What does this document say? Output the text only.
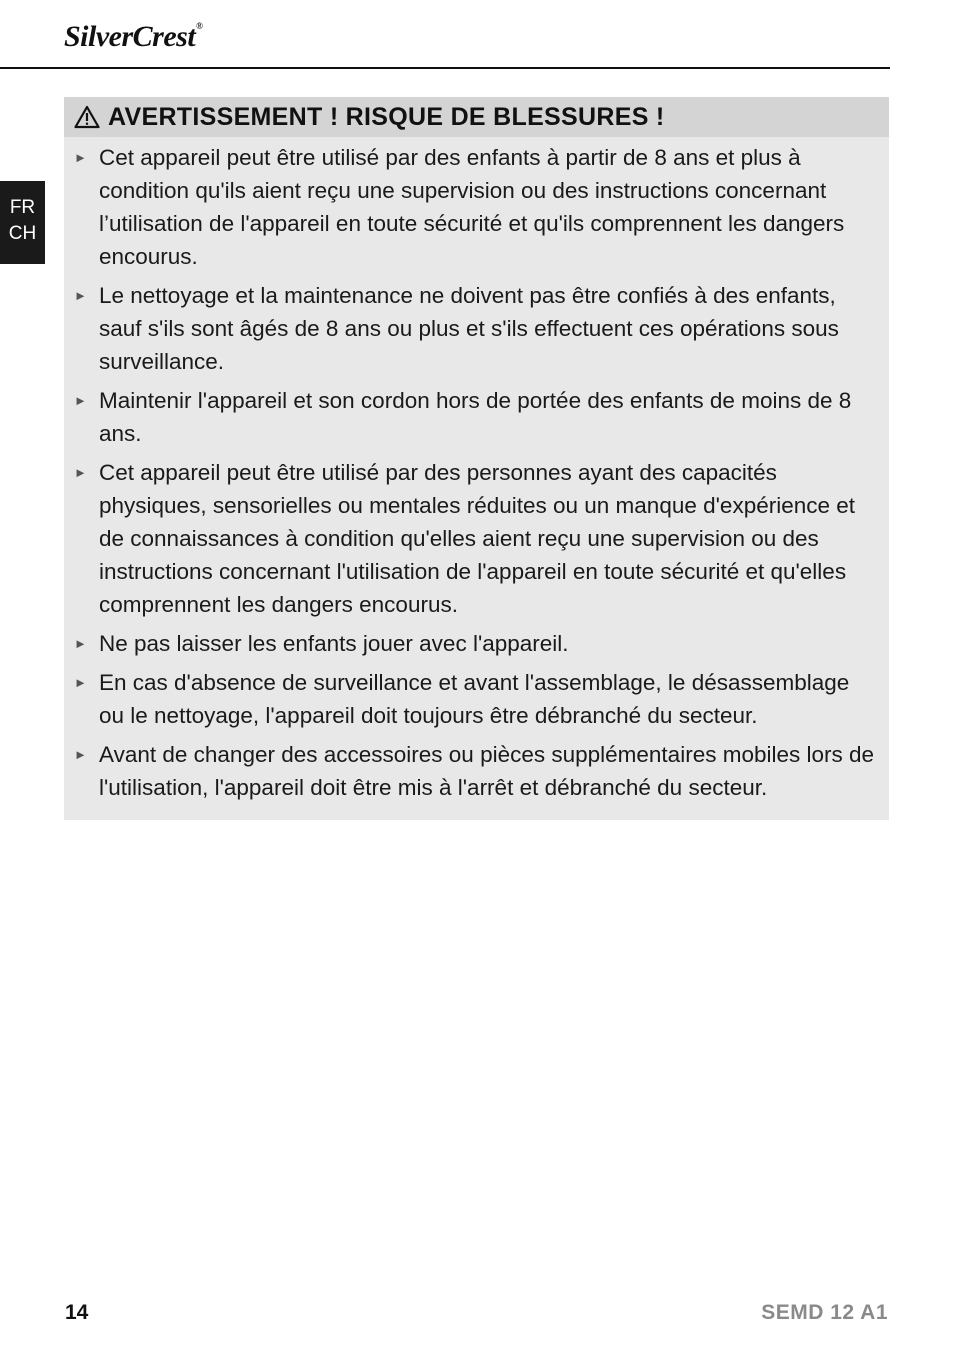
SilverCrest®
FR
CH
AVERTISSEMENT ! RISQUE DE BLESSURES !
► Cet appareil peut être utilisé par des enfants à partir de 8 ans et plus à condition qu'ils aient reçu une supervision ou des instructions concernant l’utilisation de l'appareil en toute sécurité et qu'ils comprennent les dangers encourus.
► Le nettoyage et la maintenance ne doivent pas être confiés à des enfants, sauf s'ils sont âgés de 8 ans ou plus et s'ils effectuent ces opérations sous surveillance.
► Maintenir l'appareil et son cordon hors de portée des enfants de moins de 8 ans.
► Cet appareil peut être utilisé par des personnes ayant des capacités physiques, sensorielles ou mentales réduites ou un manque d'expérience et de connaissances à condition qu'elles aient reçu une supervision ou des instructions concernant l'utilisation de l'appareil en toute sécurité et qu'elles comprennent les dangers encourus.
► Ne pas laisser les enfants jouer avec l'appareil.
► En cas d'absence de surveillance et avant l'assemblage, le désassemblage ou le nettoyage, l'appareil doit toujours être débranché du secteur.
► Avant de changer des accessoires ou pièces supplémentaires mobiles lors de l'utilisation, l'appareil doit être mis à l'arrêt et débranché du secteur.
14	SEMD 12 A1
